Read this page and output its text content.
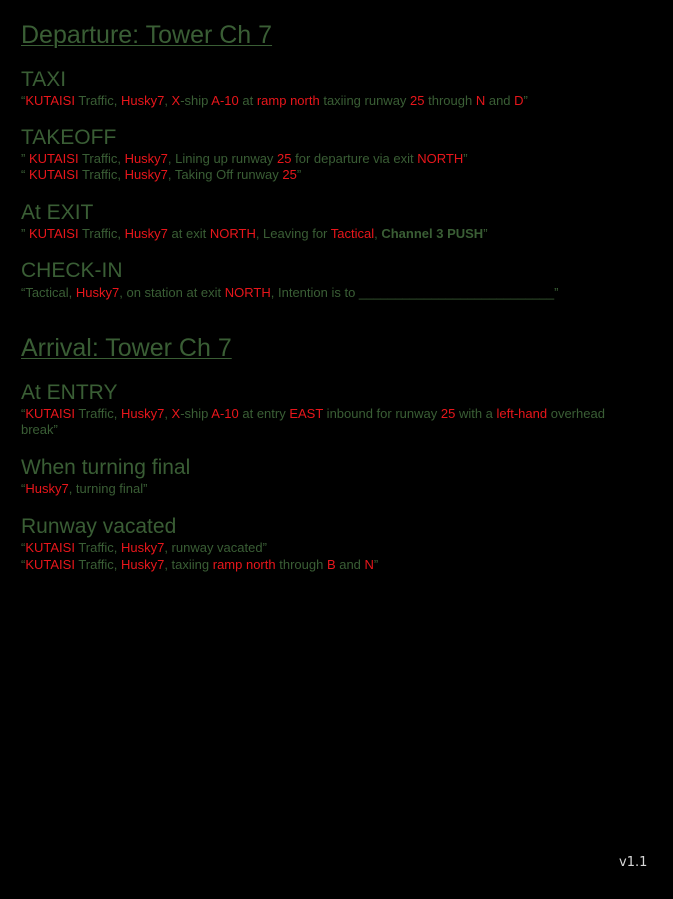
Departure: Tower Ch 7
TAXI
“KUTAISI Traffic, Husky7, X-ship A-10 at ramp north taxiing runway 25 through N and D”
TAKEOFF
” KUTAISI Traffic, Husky7, Lining up runway 25 for departure via exit NORTH”
“ KUTAISI Traffic, Husky7, Taking Off runway 25”
At EXIT
” KUTAISI Traffic, Husky7 at exit NORTH, Leaving for Tactical, Channel 3 PUSH”
CHECK-IN
“Tactical, Husky7, on station at exit NORTH, Intention is to ___________________________”
Arrival: Tower Ch 7
At ENTRY
“KUTAISI Traffic, Husky7, X-ship A-10 at entry EAST inbound for runway 25 with a left-hand overhead break”
When turning final
“Husky7, turning final”
Runway vacated
“KUTAISI Traffic, Husky7, runway vacated”
“KUTAISI Traffic, Husky7, taxiing ramp north through B and N”
v1.1
